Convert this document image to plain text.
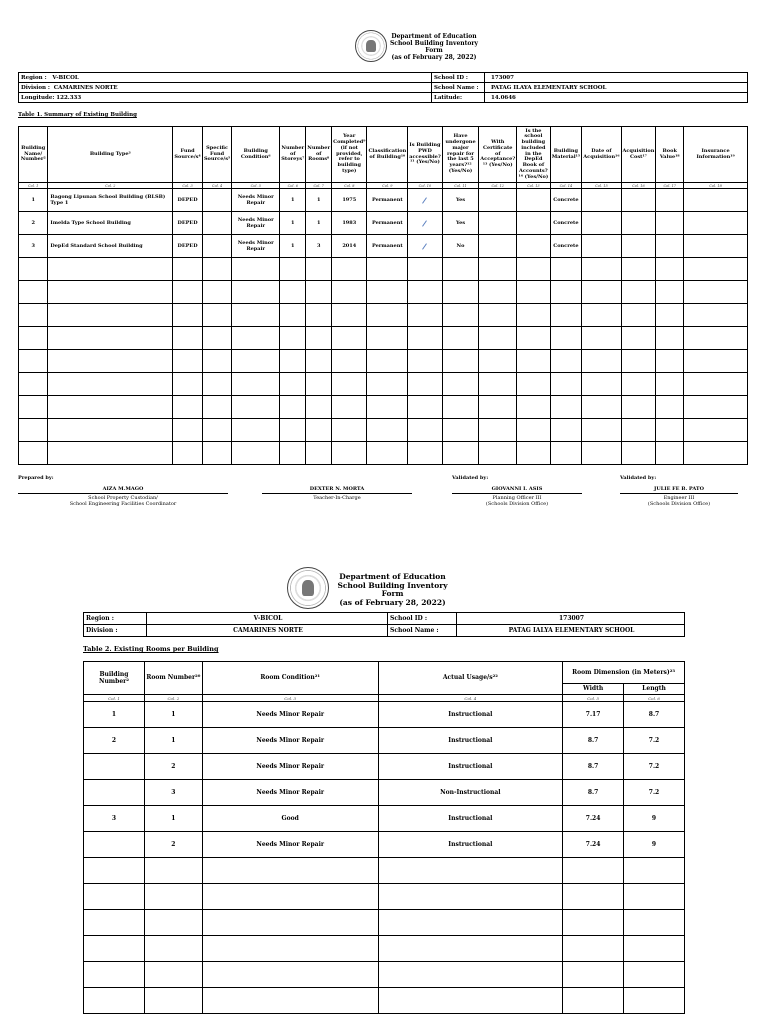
Department of Education
School Building Inventory
Form
(as of February 28, 2022)
Region : V-BICOL	School ID :	173007
Division : CAMARINES NORTE	School Name :	PATAG ILAYA ELEMENTARY SCHOOL
Longitude: 122.333	Latitude:	14.0646
Table 1. Summary of Existing Building
Building Name/ Number²	Building Type³	Fund Source/s⁴	Specific Fund Source/s⁵	Building Condition⁶	Number of Storeys⁷	Number of Rooms⁸	Year Completed⁹ (if not provided, refer to building type)	Classification of Building¹⁰	Is Building PWD accessible?¹¹ (Yes/No)	Have undergone major repair for the last 5 years?¹² (Yes/No)	With Certificate of Acceptance?¹³ (Yes/No)	Is the school building included in the DepEd Book of Accounts?¹⁴ (Yes/No)	Building Material¹⁵	Date of Acquisition¹⁶	Acquisition Cost¹⁷	Book Value¹⁸	Insurance Information¹⁹
Col. 1	Col. 2	Col. 3	Col. 4	Col. 5	Col. 6	Col. 7	Col. 8	Col. 9	Col. 10	Col. 11	Col. 12	Col. 13	Col. 14	Col. 15	Col. 16	Col. 17	Col. 18
1	Bagong Lipunan School Building (BLSB) Type 1	DEPED		Needs Minor Repair	1	1	1975	Permanent		Yes			Concrete				
2	Imelda Type School Building	DEPED		Needs Minor Repair	1	1	1983	Permanent		Yes			Concrete				
3	DepEd Standard School Building	DEPED		Needs Minor Repair	1	3	2014	Permanent		No			Concrete				

Prepared by:	Validated by:	Validated by:
AIZA M.MAGO
School Property Custodian/
School Engineering Facilities Coordinator
DEXTER N. MORTA
Teacher-In-Charge
GIOVANNI I. ASIS
Planning Officer III
(Schools Division Office)
JULIE FE B. PATO
Engineer III
(Schools Division Office)
Department of Education
School Building Inventory Form
(as of February 28, 2022)
Region :	V-BICOL	School ID :	173007
Division :	CAMARINES NORTE	School Name :	PATAG IALYA ELEMENTARY SCHOOL
Table 2. Existing Rooms per Building
Building Number²	Room Number²⁰	Room Condition²¹	Actual Usage/s²²	Room Dimension (in Meters)²³	
				Width	Length
Col. 1	Col. 2	Col. 3	Col. 4	Col. 5	Col. 6
1	1	Needs Minor Repair	Instructional	7.17	8.7
2	1	Needs Minor Repair	Instructional	8.7	7.2
	2	Needs Minor Repair	Instructional	8.7	7.2
	3	Needs Minor Repair	Non-Instructional	8.7	7.2
3	1	Good	Instructional	7.24	9
	2	Needs Minor Repair	Instructional	7.24	9
